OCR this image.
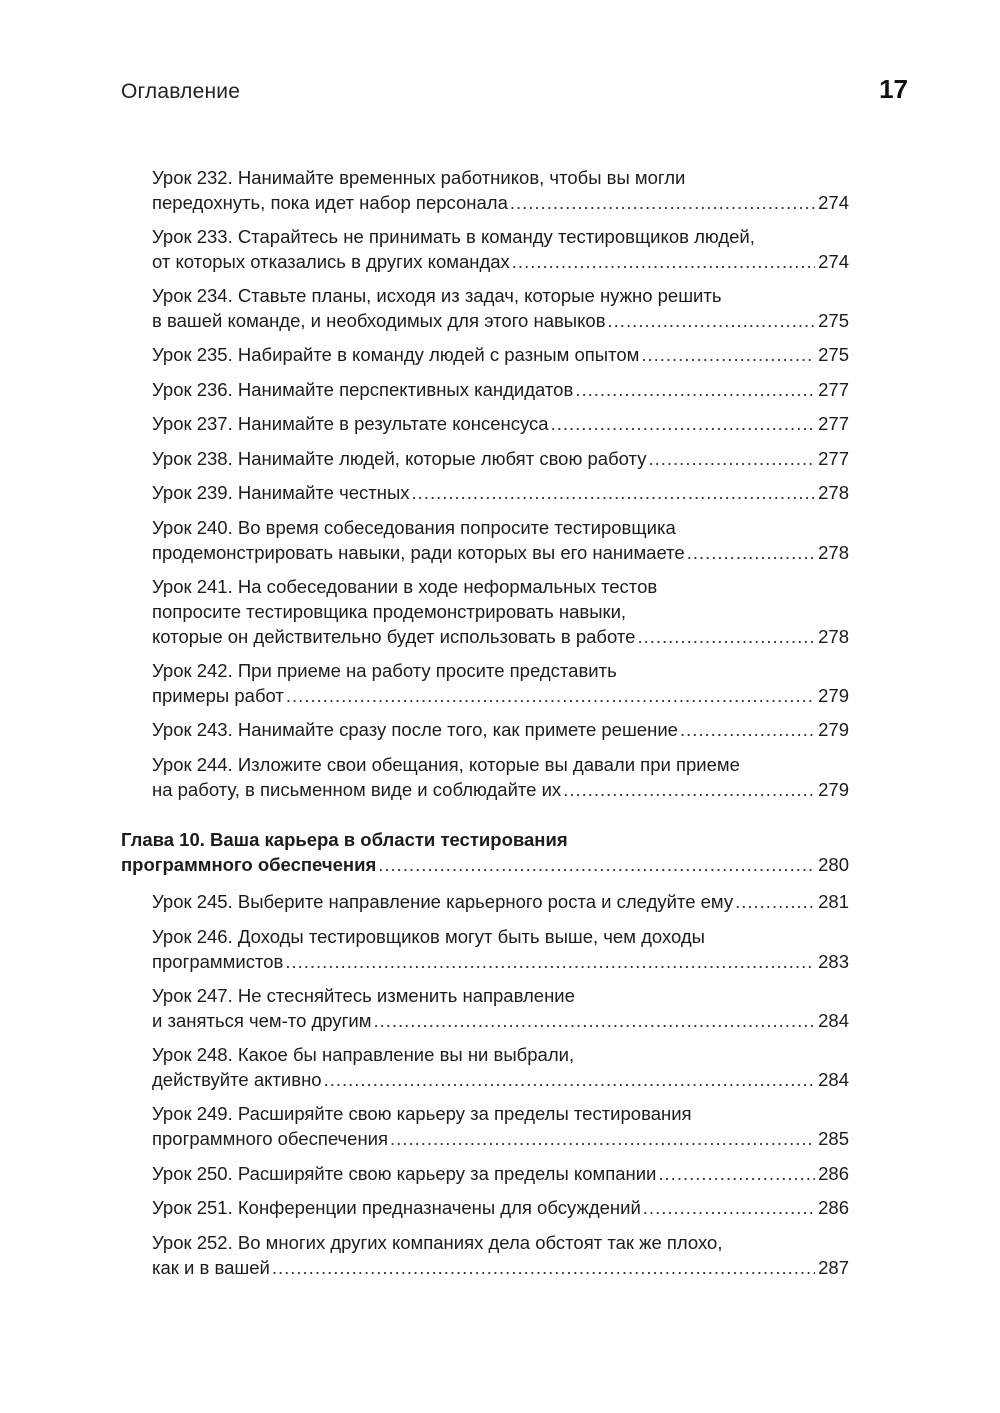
Оглавление	17
Урок 232. Нанимайте временных работников, чтобы вы могли
передохнуть, пока идет набор персонала .....	274
Урок 233. Старайтесь не принимать в команду тестировщиков людей,
от которых отказались в других командах .....	274
Урок 234. Ставьте планы, исходя из задач, которые нужно решить
в вашей команде, и необходимых для этого навыков .....	275
Урок 235. Набирайте в команду людей с разным опытом .....	275
Урок 236. Нанимайте перспективных кандидатов .....	277
Урок 237. Нанимайте в результате консенсуса .....	277
Урок 238. Нанимайте людей, которые любят свою работу .....	277
Урок 239. Нанимайте честных .....	278
Урок 240. Во время собеседования попросите тестировщика
продемонстрировать навыки, ради которых вы его нанимаете .....	278
Урок 241. На собеседовании в ходе неформальных тестов
попросите тестировщика продемонстрировать навыки,
которые он действительно будет использовать в работе .....	278
Урок 242. При приеме на работу просите представить
примеры работ .....	279
Урок 243. Нанимайте сразу после того, как примете решение .....	279
Урок 244. Изложите свои обещания, которые вы давали при приеме
на работу, в письменном виде и соблюдайте их .....	279
Глава 10. Ваша карьера в области тестирования
программного обеспечения .....	280
Урок 245. Выберите направление карьерного роста и следуйте ему .....	281
Урок 246. Доходы тестировщиков могут быть выше, чем доходы
программистов .....	283
Урок 247. Не стесняйтесь изменить направление
и заняться чем-то другим .....	284
Урок 248. Какое бы направление вы ни выбрали,
действуйте активно .....	284
Урок 249. Расширяйте свою карьеру за пределы тестирования
программного обеспечения .....	285
Урок 250. Расширяйте свою карьеру за пределы компании .....	286
Урок 251. Конференции предназначены для обсуждений .....	286
Урок 252. Во многих других компаниях дела обстоят так же плохо,
как и в вашей .....	287
